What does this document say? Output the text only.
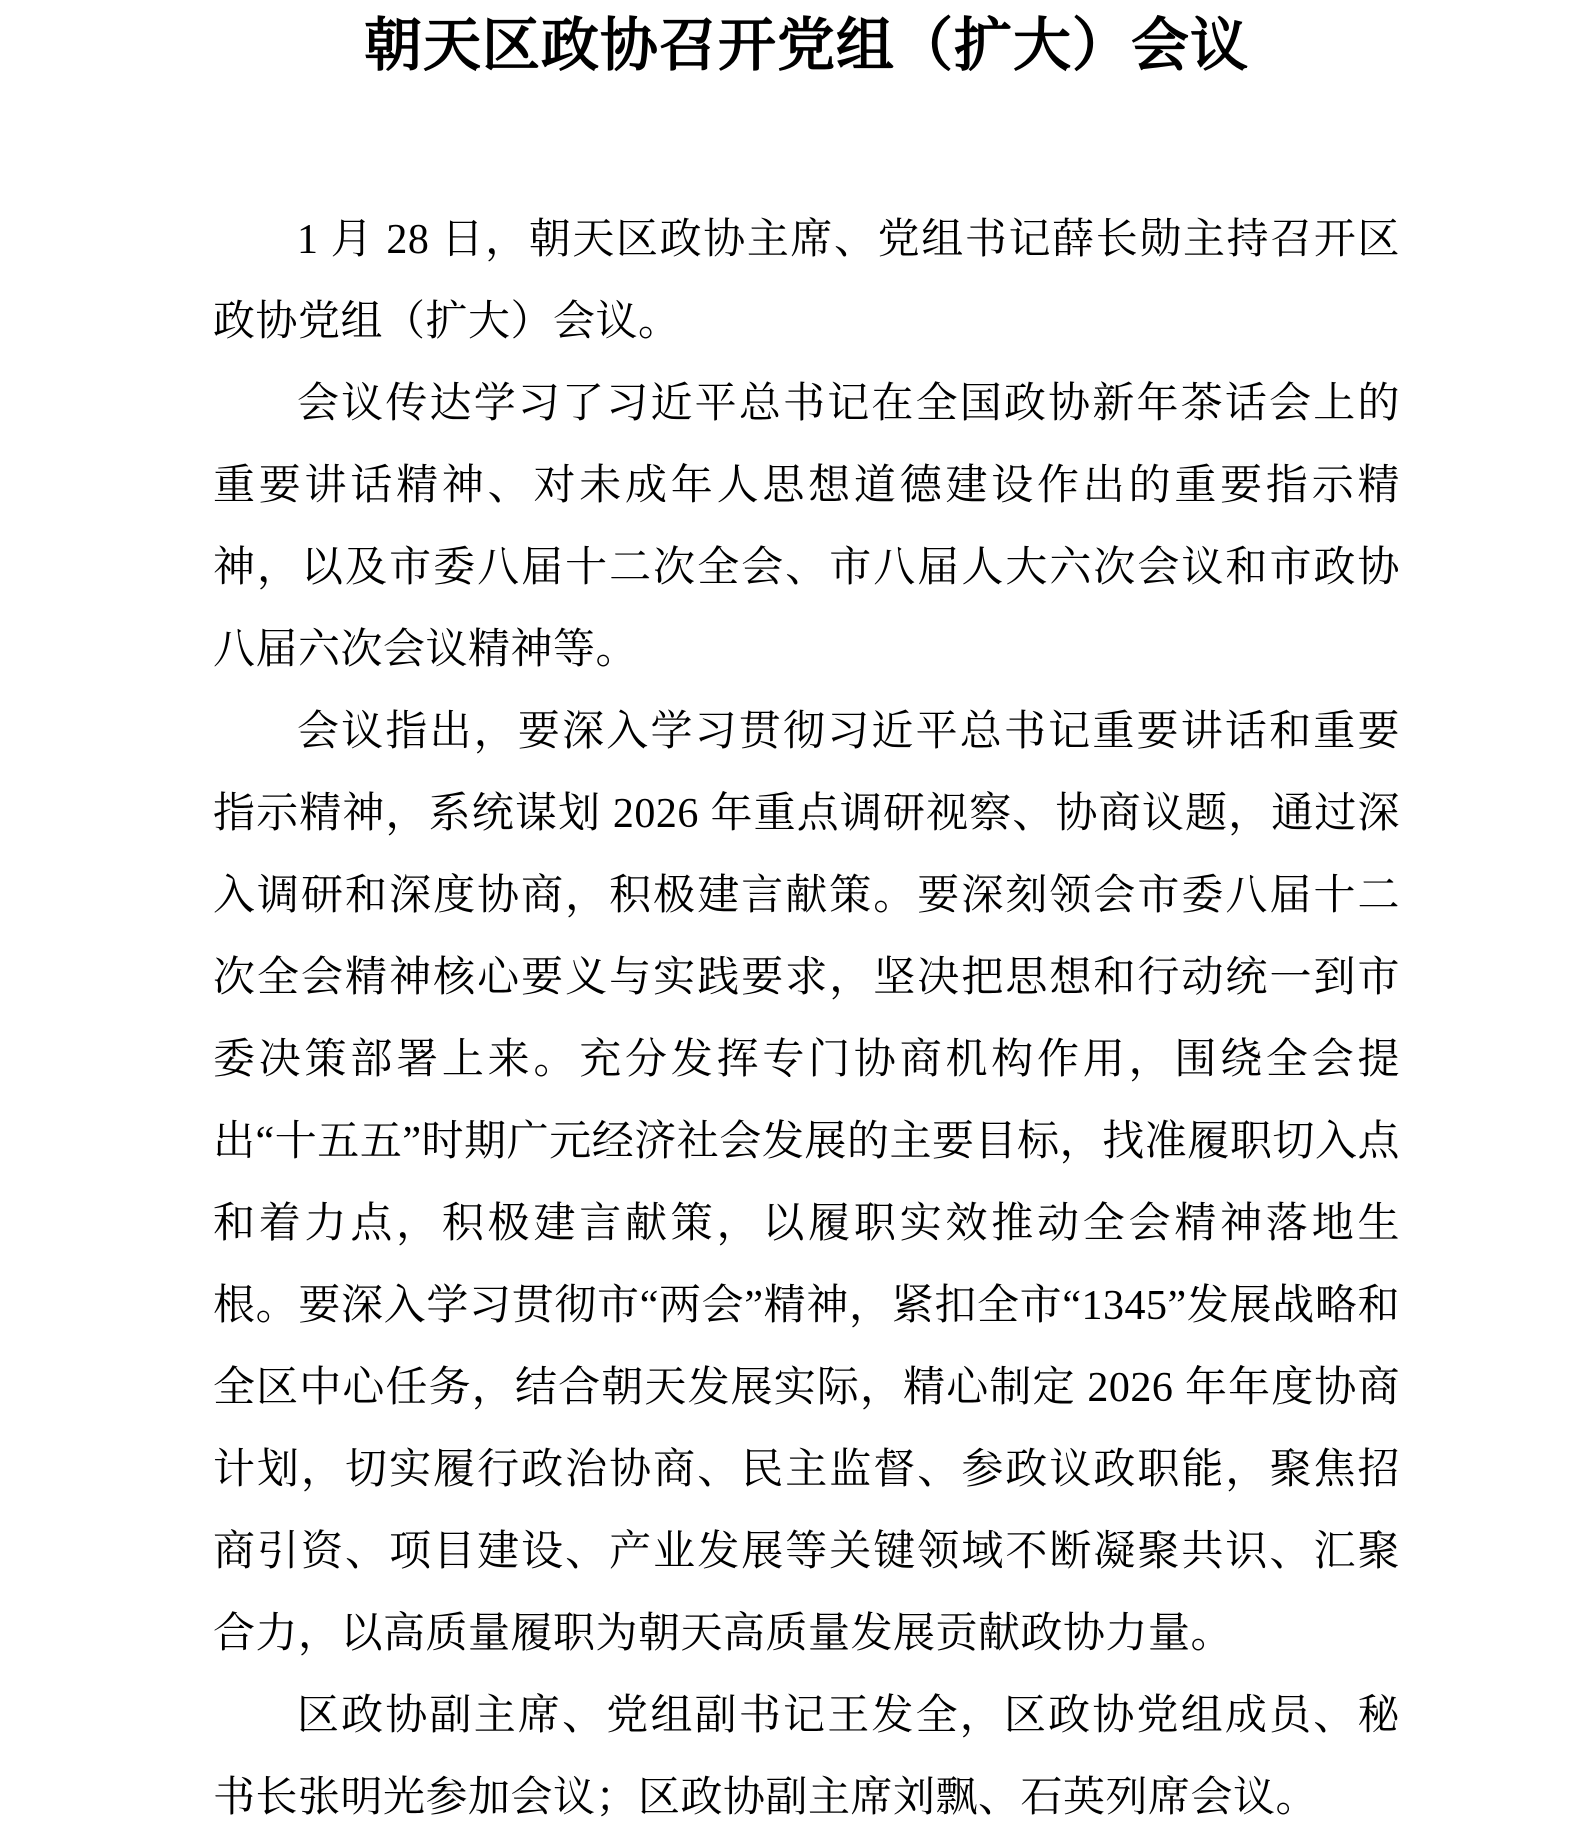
朝天区政协召开党组（扩大）会议

1 月 28 日，朝天区政协主席、党组书记薛长勋主持召开区政协党组（扩大）会议。

会议传达学习了习近平总书记在全国政协新年茶话会上的重要讲话精神、对未成年人思想道德建设作出的重要指示精神，以及市委八届十二次全会、市八届人大六次会议和市政协八届六次会议精神等。

会议指出，要深入学习贯彻习近平总书记重要讲话和重要指示精神，系统谋划 2026 年重点调研视察、协商议题，通过深入调研和深度协商，积极建言献策。要深刻领会市委八届十二次全会精神核心要义与实践要求，坚决把思想和行动统一到市委决策部署上来。充分发挥专门协商机构作用，围绕全会提出“十五五”时期广元经济社会发展的主要目标，找准履职切入点和着力点，积极建言献策，以履职实效推动全会精神落地生根。要深入学习贯彻市“两会”精神，紧扣全市“1345”发展战略和全区中心任务，结合朝天发展实际，精心制定 2026 年年度协商计划，切实履行政治协商、民主监督、参政议政职能，聚焦招商引资、项目建设、产业发展等关键领域不断凝聚共识、汇聚合力，以高质量履职为朝天高质量发展贡献政协力量。

区政协副主席、党组副书记王发全，区政协党组成员、秘书长张明光参加会议；区政协副主席刘飘、石英列席会议。
